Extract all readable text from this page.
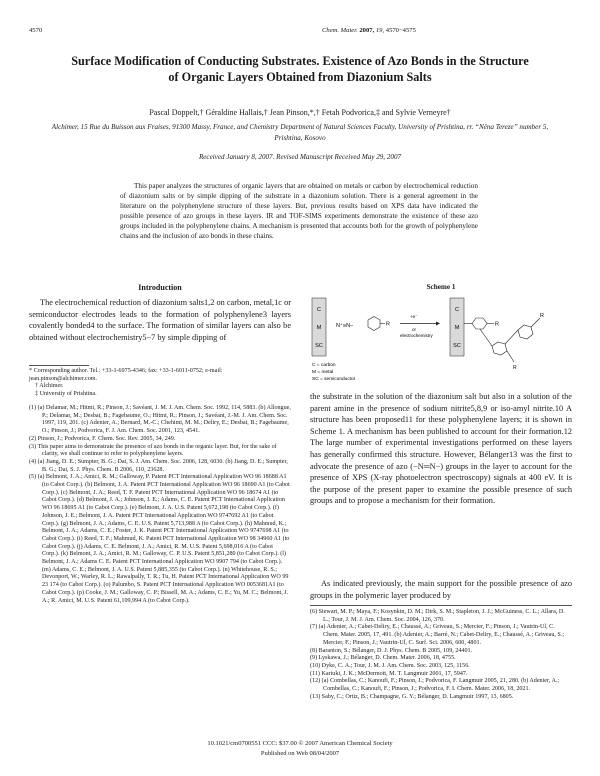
4570	Chem. Mater. 2007, 19, 4570−4575
Surface Modification of Conducting Substrates. Existence of Azo Bonds in the Structure of Organic Layers Obtained from Diazonium Salts
Pascal Doppelt,† Géraldine Hallais,† Jean Pinson,*,† Fetah Podvorica,‡ and Sylvie Verneyre†
Alchimer, 15 Rue du Buisson aux Fraises, 91300 Massy, France, and Chemistry Department of Natural Sciences Faculty, University of Prishtina, rr. “Nëna Tereze” number 5, Prishtina, Kosovo
Received January 8, 2007. Revised Manuscript Received May 29, 2007
This paper analyzes the structures of organic layers that are obtained on metals or carbon by electrochemical reduction of diazonium salts or by simple dipping of the substrate in a diazonium solution. There is a general agreement in the literature on the polyphenylene structure of these layers. But, previous results based on XPS data have indicated the possible presence of azo groups in these layers. IR and TOF-SIMS experiments demonstrate the existence of these azo groups included in the polyphenylene chains. A mechanism is presented that accounts both for the growth of polyphenylene chains and the inclusion of azo bonds in these chains.
Introduction
The electrochemical reduction of diazonium salts1,2 on carbon, metal,1c or semiconductor electrodes leads to the formation of polyphenylene3 layers covalently bonded4 to the surface. The formation of similar layers can also be obtained without electrochemistry5−7 by simple dipping of
* Corresponding author. Tel.: +33-1-6975-4346; fax: +33-1-6011-0752; e-mail: jean.pinson@alchimer.com.
† Alchimer.
‡ University of Prishtina.

(1) (a) Delamar, M.; Hitmi, R.; Pinson, J.; Savéant, J. M. J. Am. Chem. Soc. 1992, 114, 5883. (b) Allongue, P.; Delamar, M.; Desbat, B.; Fagebaume, O.; Hitmi, R.; Pinson, J.; Savéant, J.-M. J. Am. Chem. Soc. 1997, 119, 201. (c) Adenier, A.; Bernard, M.-C.; Chehimi, M. M.; Deliry, E.; Desbat, B.; Fagebaume, O.; Pinson, J.; Podvorica, F. J. Am. Chem. Soc. 2001, 123, 4541.

(2) Pinson, J.; Podvorica, F. Chem. Soc. Rev. 2005, 34, 249.

(3) This paper aims to demonstrate the presence of azo bonds in the organic layer. But, for the sake of clarity, we shall continue to refer to polyphenylene layers.

(4) (a) Jiang, D. E.; Sumpter, B. G.; Dai, S. J. Am. Chem. Soc. 2006, 128, 6030. (b) Jiang, D. E.; Sumpter, B. G.; Dai, S. J. Phys. Chem. B 2006, 110, 23628.

(5) (a) Belmont, J. A.; Amici, R. M.; Galloway, P. Patent PCT International Application WO 96 18688 A1 (to Cabot Corp.). (b) Belmont, J. A. Patent PCT International Application WO 96 18690 A1 (to Cabot Corp.). (c) Belmont, J. A.; Reed, T. F. Patent PCT International Application WO 96 18674 A1 (to Cabot Corp.). (d) Belmont, J. A.; Johnson, J. E.; Adams, C. E. Patent PCT International Application WO 96 18695 A1 (to Cabot Corp.). (e) Belmont, J. A. U.S. Patent 5,672,198 (to Cabot Corp.). (f) Johnson, J. E.; Belmont, J. A. Patent PCT International Application WO 9747692 A1 (to Cabot Corp.). (g) Belmont, J. A.; Adams, C. E. U.S. Patent 5,713,988 A (to Cabot Corp.). (h) Mahmud, K.; Belmont, J. A.; Adams, C. E.; Foster, J. K. Patent PCT International Application WO 9747698 A1 (to Cabot Corp.). (i) Reed, T. F.; Mahmud, K. Patent PCT International Application WO 98 34960 A1 (to Cabot Corp.). (j) Adams, C. E. Belmont, J. A.; Amici, R. M. U.S. Patent 5,698,016 A (to Cabot Corp.). (k) Belmont, J. A.; Amici, R. M.; Galloway, C. P. U.S. Patent 5,851,280 (to Cabot Corp.). (l) Belmont, J. A.; Adams C. E. Patent PCT International Application WO 9907 794 (to Cabot Corp.). (m) Adams, C. E.; Belmont, J. A. U.S. Patent 5,885,355 (to Cabot Corp.). (n) Whitehouse, R. S.; Devonport, W.; Warley, R. L.; Rawalpally, T. R.; Tu, H. Patent PCT International Application WO 99 23 174 (to Cabot Corp.). (o) Palumbo, S. Patent PCT International Application WO 0053681A1 (to Cabot Corp.). (p) Cooke, J. M.; Galloway, C. P.; Bissell, M. A.; Adams, C. E.; Yu, M. C.; Belmont, J. A.; R. Amici, M. U.S. Patent 61,109,994 A (to Cabot Corp.).

Scheme 1
C
M
SC
N⁺≡N–	R
+e⁻
or
electrochemistry
C
M
SC
R
R
R
C = carbon
M = metal
SC = semiconductor
the substrate in the solution of the diazonium salt but also in a solution of the parent amine in the presence of sodium nitrite5,8,9 or iso-amyl nitrite.10 A structure has been proposed11 for these polyphenylene layers; it is shown in Scheme 1. A mechanism has been published to account for their formation.12 The large number of experimental investigations performed on these layers has generally confirmed this structure. However, Bélanger13 was the first to advocate the presence of azo (−N═N−) groups in the layer to account for the presence of XPS (X-ray photoelectron spectroscopy) signals at 400 eV. It is the purpose of the present paper to examine the possible presence of such groups and to propose a mechanism for their formation.
As indicated previously, the main support for the possible presence of azo groups in the polymeric layer produced by

(6) Stewart, M. P.; Maya, F.; Kosynkin, D. M.; Dirk, S. M.; Stapleton, J. J.; McGuiness, C. L.; Allara, D. L.; Tour, J. M. J. Am. Chem. Soc. 2004, 126, 370.

(7) (a) Adenier, A.; Cabet-Deliry, E.; Chaussé, A.; Griveau, S.; Mercier, F.; Pinson, J.; Vautrin-Ul, C. Chem. Mater. 2005, 17, 491. (b) Adenier, A.; Barré, N.; Cabet-Deliry, E.; Chaussé, A.; Griveau, S.; Mercier, F.; Pinson, J.; Vautrin-Ul, C. Surf. Sci. 2006, 600, 4801.

(8) Baranton, S.; Bélanger, D. J. Phys. Chem. B 2005, 109, 24401.

(9) Lyskawa, J.; Bélanger, D. Chem. Mater. 2006, 18, 4755.

(10) Dyke, C. A.; Tour, J. M. J. Am. Chem. Soc. 2003, 125, 1156.

(11) Kariuki, J. K.; McDermott, M. T. Langmuir 2001, 17, 5947.

(12) (a) Combellas, C.; Kanoufi, F.; Pinson, J.; Podvorica, F. Langmuir 2005, 21, 280. (b) Adenier, A.; Combellas, C.; Kanoufi, F.; Pinson, J.; Podvorica, F. I. Chem. Mater. 2006, 18, 2021.

(13) Saby, C.; Ortiz, B.; Champagne, G. Y.; Bélanger, D. Langmuir 1997, 13, 6805.

10.1021/cm0700551 CCC: $37.00 © 2007 American Chemical Society
Published on Web 08/04/2007
